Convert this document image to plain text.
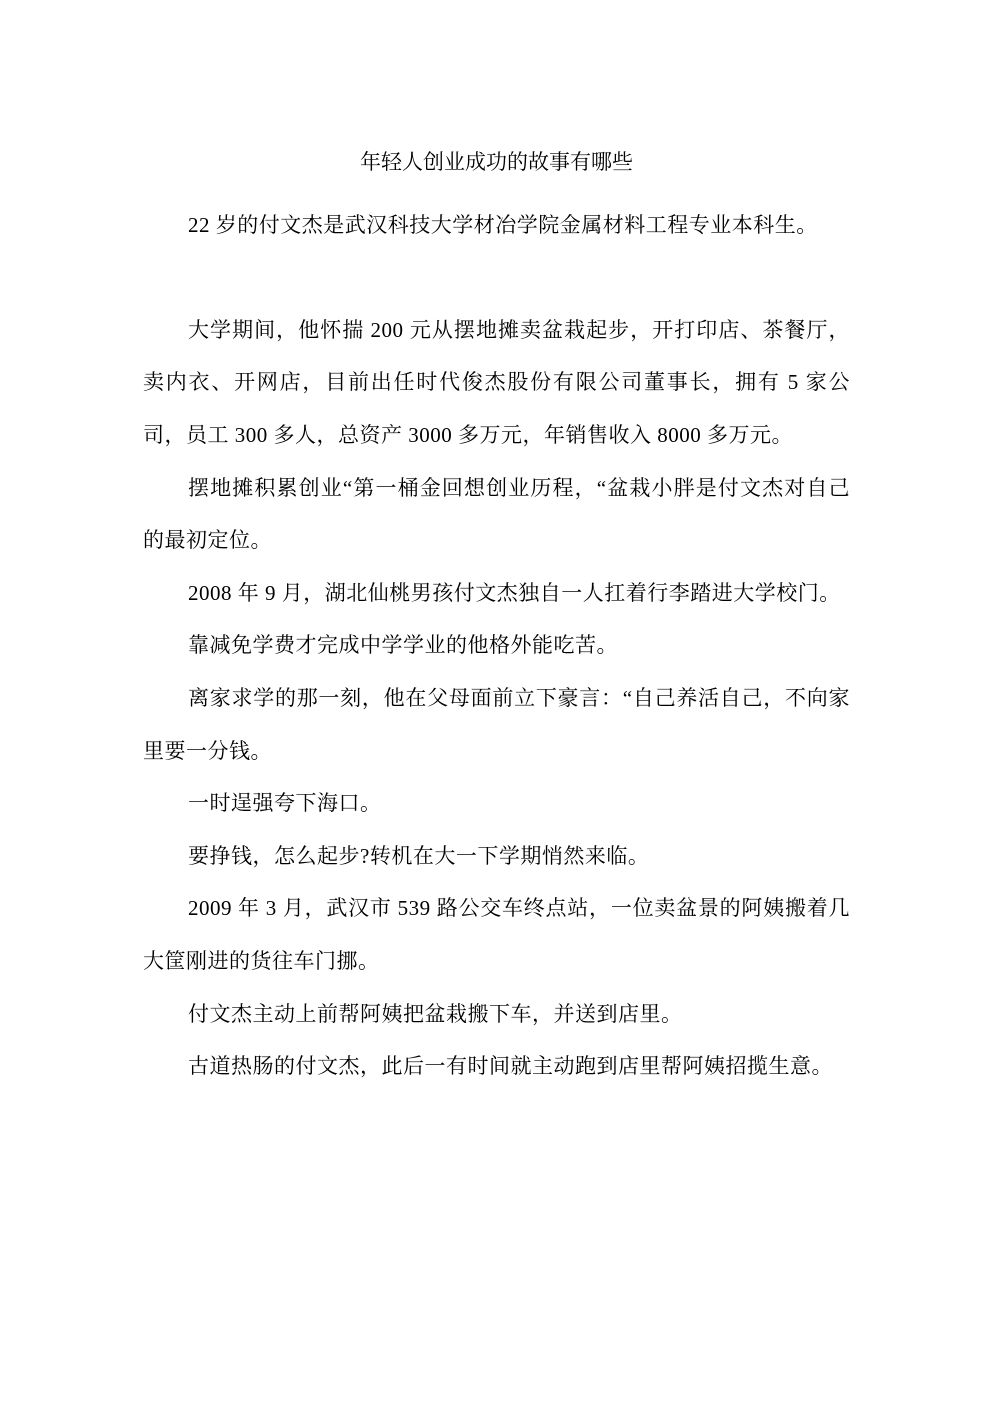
年轻人创业成功的故事有哪些

22 岁的付文杰是武汉科技大学材冶学院金属材料工程专业本科生。

大学期间，他怀揣 200 元从摆地摊卖盆栽起步，开打印店、茶餐厅，卖内衣、开网店，目前出任时代俊杰股份有限公司董事长，拥有 5 家公司，员工 300 多人，总资产 3000 多万元，年销售收入 8000 多万元。

摆地摊积累创业“第一桶金回想创业历程，“盆栽小胖是付文杰对自己的最初定位。

2008 年 9 月，湖北仙桃男孩付文杰独自一人扛着行李踏进大学校门。

靠减免学费才完成中学学业的他格外能吃苦。

离家求学的那一刻，他在父母面前立下豪言：“自己养活自己，不向家里要一分钱。

一时逞强夸下海口。

要挣钱，怎么起步?转机在大一下学期悄然来临。

2009 年 3 月，武汉市 539 路公交车终点站，一位卖盆景的阿姨搬着几大筐刚进的货往车门挪。

付文杰主动上前帮阿姨把盆栽搬下车，并送到店里。

古道热肠的付文杰，此后一有时间就主动跑到店里帮阿姨招揽生意。
